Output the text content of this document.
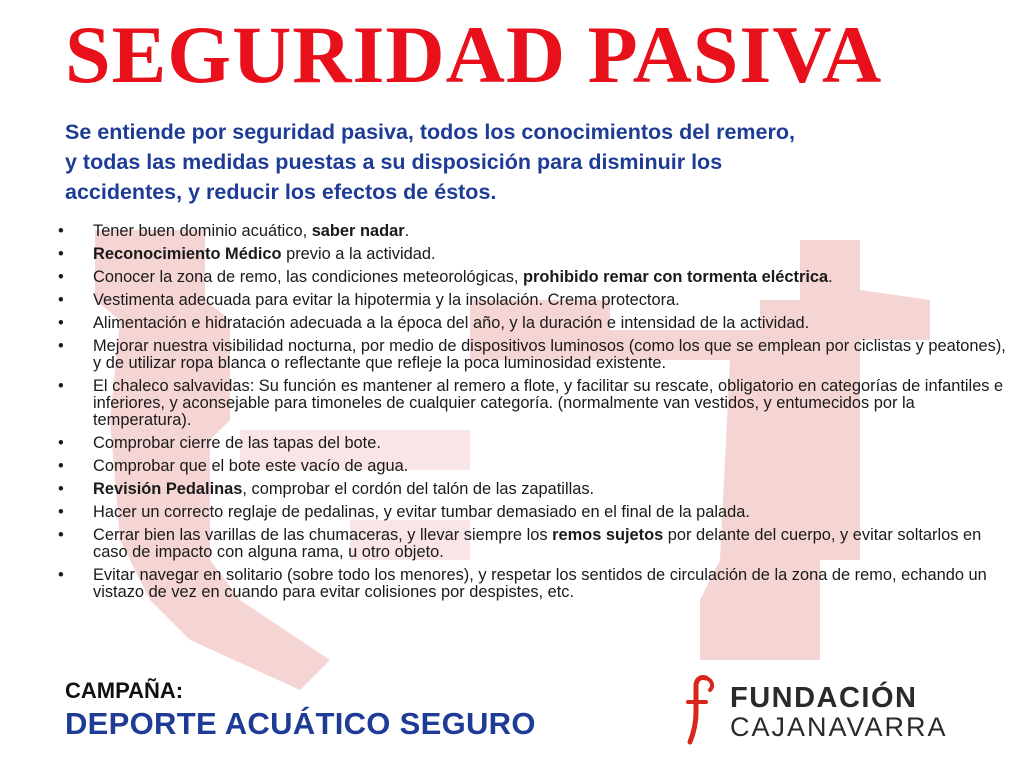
SEGURIDAD PASIVA

Se entiende por seguridad pasiva, todos los conocimientos del remero,
y todas las medidas puestas a su disposición para disminuir los
accidentes, y reducir los efectos de éstos.

• Tener buen dominio acuático, saber nadar.
• Reconocimiento Médico previo a la actividad.
• Conocer la zona de remo, las condiciones meteorológicas, prohibido remar con tormenta eléctrica.
• Vestimenta adecuada para evitar la hipotermia y la insolación. Crema protectora.
• Alimentación e hidratación adecuada a la época del año, y la duración e intensidad de la actividad.
• Mejorar nuestra visibilidad nocturna, por medio de dispositivos luminosos (como los que se emplean por ciclistas y peatones), y de utilizar ropa blanca o reflectante que refleje la poca luminosidad existente.
• El chaleco salvavidas: Su función es mantener al remero a flote, y facilitar su rescate, obligatorio en categorías de infantiles e inferiores, y aconsejable para timoneles de cualquier categoría. (normalmente van vestidos, y entumecidos por la temperatura).
• Comprobar cierre de las tapas del bote.
• Comprobar que el bote este vacío de agua.
• Revisión Pedalinas, comprobar el cordón del talón de las zapatillas.
• Hacer un correcto reglaje de pedalinas, y evitar tumbar demasiado en el final de la palada.
• Cerrar bien las varillas de las chumaceras, y llevar siempre los remos sujetos por delante del cuerpo, y evitar soltarlos en caso de impacto con alguna rama, u otro objeto.
• Evitar navegar en solitario (sobre todo los menores), y respetar los sentidos de circulación de la zona de remo, echando un vistazo de vez en cuando para evitar colisiones por despistes, etc.
CAMPAÑA:
DEPORTE ACUÁTICO SEGURO
FUNDACIÓN
CAJANAVARRA
